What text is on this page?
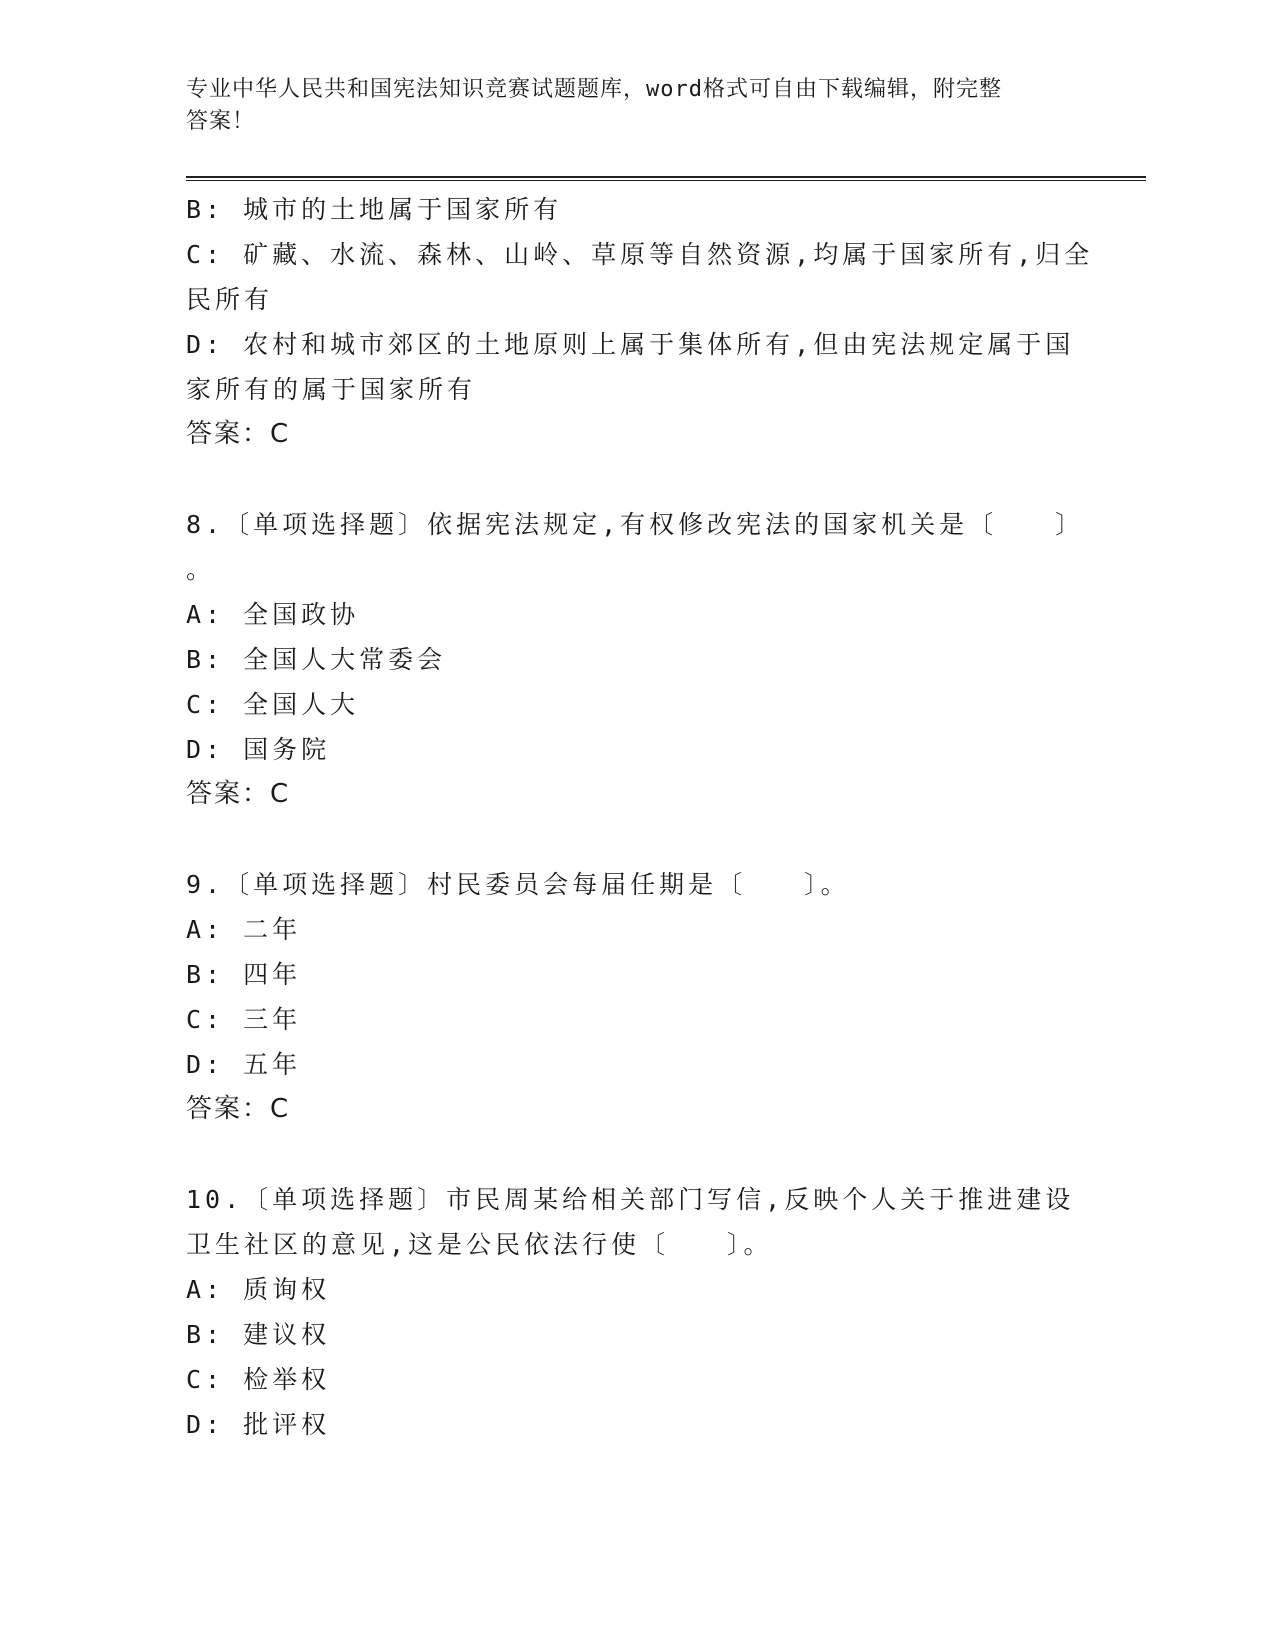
专业中华人民共和国宪法知识竞赛试题题库，word格式可自由下载编辑，附完整
答案！
B: 城市的土地属于国家所有
C: 矿藏、水流、森林、山岭、草原等自然资源,均属于国家所有,归全
民所有
D: 农村和城市郊区的土地原则上属于集体所有,但由宪法规定属于国
家所有的属于国家所有
答案：C
8.〔单项选择题〕依据宪法规定,有权修改宪法的国家机关是〔　　〕
。
A: 全国政协
B: 全国人大常委会
C: 全国人大
D: 国务院
答案：C
9.〔单项选择题〕村民委员会每届任期是〔　　〕。
A: 二年
B: 四年
C: 三年
D: 五年
答案：C
10.〔单项选择题〕市民周某给相关部门写信,反映个人关于推进建设
卫生社区的意见,这是公民依法行使〔　　〕。
A: 质询权
B: 建议权
C: 检举权
D: 批评权
